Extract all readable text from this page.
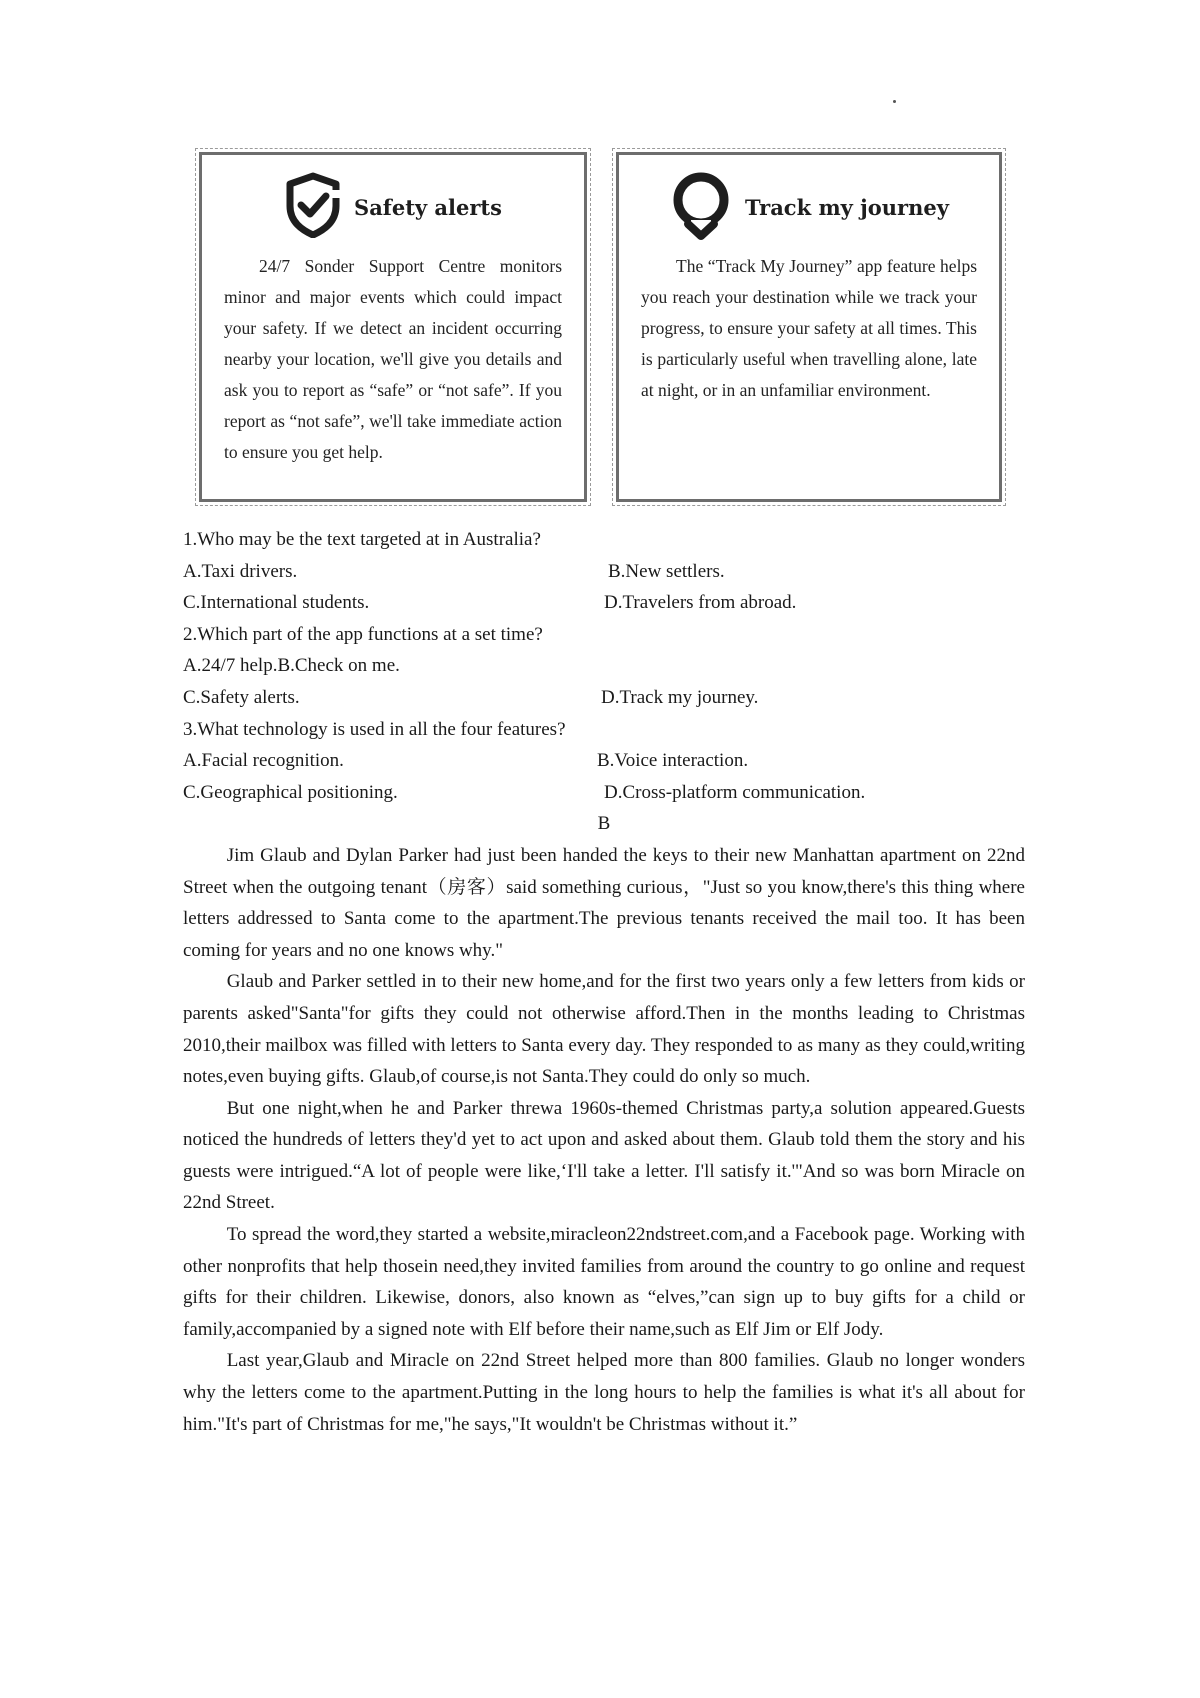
Safety alerts

24/7 Sonder Support Centre monitors minor and major events which could impact your safety. If we detect an incident occurring nearby your location, we'll give you details and ask you to report as “safe” or “not safe”. If you report as “not safe”, we'll take immediate action to ensure you get help.

Track my journey

The “Track My Journey” app feature helps you reach your destination while we track your progress, to ensure your safety at all times. This is particularly useful when travelling alone, late at night, or in an unfamiliar environment.

1.Who may be the text targeted at in Australia?

A.Taxi drivers.	B.New settlers.
C.International students.	D.Travelers from abroad.

2.Which part of the app functions at a set time?

A.24/7 help.B.Check on me.

C.Safety alerts.	D.Track my journey.

3.What technology is used in all the four features?

A.Facial recognition.	B.Voice interaction.
C.Geographical positioning.	D.Cross-platform communication.

B

Jim Glaub and Dylan Parker had just been handed the keys to their new Manhattan apartment on 22nd Street when the outgoing tenant（房客）said something curious，"Just so you know,there's this thing where letters addressed to Santa come to the apartment.The previous tenants received the mail too. It has been coming for years and no one knows why."

Glaub and Parker settled in to their new home,and for the first two years only a few letters from kids or parents asked"Santa"for gifts they could not otherwise afford.Then in the months leading to Christmas 2010,their mailbox was filled with letters to Santa every day. They responded to as many as they could,writing notes,even buying gifts. Glaub,of course,is not Santa.They could do only so much.

But one night,when he and Parker threwa 1960s-themed Christmas party,a solution appeared.Guests noticed the hundreds of letters they'd yet to act upon and asked about them. Glaub told them the story and his guests were intrigued.“A lot of people were like,‘I'll take a letter. I'll satisfy it.'"And so was born Miracle on 22nd Street.

To spread the word,they started a website,miracleon22ndstreet.com,and a Facebook page. Working with other nonprofits that help thosein need,they invited families from around the country to go online and request gifts for their children. Likewise, donors, also known as “elves,”can sign up to buy gifts for a child or family,accompanied by a signed note with Elf before their name,such as Elf Jim or Elf Jody.

Last year,Glaub and Miracle on 22nd Street helped more than 800 families. Glaub no longer wonders why the letters come to the apartment.Putting in the long hours to help the families is what it's all about for him."It's part of Christmas for me,"he says,"It wouldn't be Christmas without it.”
